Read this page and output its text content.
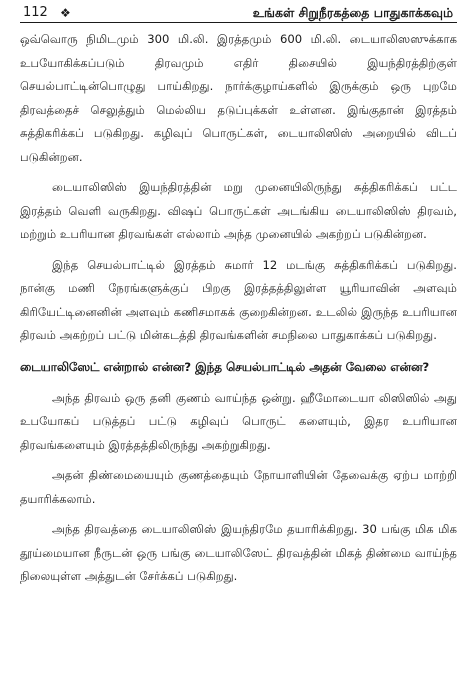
112 ❖	உங்கள் சிறுநீரகத்தை பாதுகாக்கவும்

ஒவ்வொரு நிமிடமும் 300 மி.லி. இரத்தமும் 600 மி.லி. டையாலிஸஸுக்காக உபயோகிக்கப்படும் திரவமும் எதிர் திசையில் இயந்திரத்திற்குள் செயல்பாட்டின்பொழுது பாய்கிறது. நார்க்குழாய்களில் இருக்கும் ஒரு புறமே திரவத்தைச் செலுத்தும் மெல்லிய தடுப்புக்கள் உள்ளன. இங்குதான் இரத்தம் சுத்திகரிக்கப் படுகிறது. கழிவுப் பொருட்கள், டையாலிஸிஸ் அறையில் விடப் படுகின்றன.

டையாலிஸிஸ் இயந்திரத்தின் மறு முனையிலிருந்து சுத்திகரிக்கப் பட்ட இரத்தம் வெளி வருகிறது. விஷப் பொருட்கள் அடங்கிய டையாலிஸிஸ் திரவம், மற்றும் உபரியான திரவங்கள் எல்லாம் அந்த முனையில் அகற்றப் படுகின்றன.

இந்த செயல்பாட்டில் இரத்தம் சுமார் 12 மடங்கு சுத்திகரிக்கப் படுகிறது. நான்கு மணி நேரங்களுக்குப் பிறகு இரத்தத்திலுள்ள யூரியாவின் அளவும் கிரியேட்டினைனின் அளவும் கணிசமாகக் குறைகின்றன. உடலில் இருந்த உபரியான திரவம் அகற்றப் பட்டு மின்கடத்தி திரவங்களின் சமநிலை பாதுகாக்கப் படுகிறது.

டையாலிஸேட் என்றால் என்ன? இந்த செயல்பாட்டில் அதன் வேலை என்ன?

அந்த திரவம் ஒரு தனி குணம் வாய்ந்த ஒன்று. ஹீமோடையா லிஸிஸில் அது உபயோகப் படுத்தப் பட்டு கழிவுப் பொருட் களையும், இதர உபரியான திரவங்களையும் இரத்தத்திலிருந்து அகற்றுகிறது.

அதன் திண்மையையும் குணத்தையும் நோயாளியின் தேவைக்கு ஏற்ப மாற்றி தயாரிக்கலாம்.

அந்த திரவத்தை டையாலிஸிஸ் இயந்திரமே தயாரிக்கிறது. 30 பங்கு மிக மிக தூய்மையான நீருடன் ஒரு பங்கு டையாலிஸேட் திரவத்தின் மிகத் திண்மை வாய்ந்த நிலையுள்ள அத்துடன் சேர்க்கப் படுகிறது.
